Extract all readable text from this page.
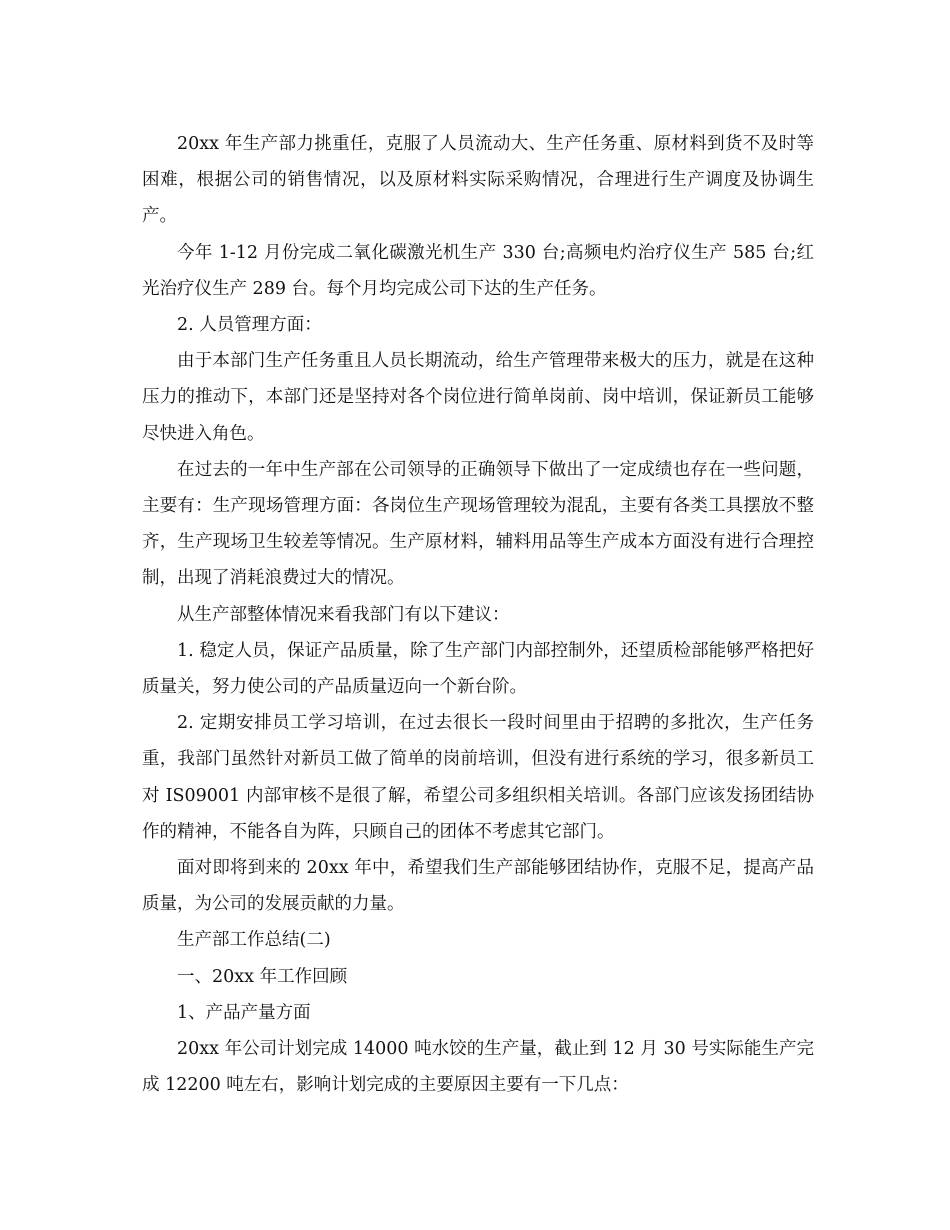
20xx 年生产部力挑重任，克服了人员流动大、生产任务重、原材料到货不及时等困难，根据公司的销售情况，以及原材料实际采购情况，合理进行生产调度及协调生产。

今年 1-12 月份完成二氧化碳激光机生产 330 台;高频电灼治疗仪生产 585 台;红光治疗仪生产 289 台。每个月均完成公司下达的生产任务。

2. 人员管理方面：

由于本部门生产任务重且人员长期流动，给生产管理带来极大的压力，就是在这种压力的推动下，本部门还是坚持对各个岗位进行简单岗前、岗中培训，保证新员工能够尽快进入角色。

在过去的一年中生产部在公司领导的正确领导下做出了一定成绩也存在一些问题，主要有：生产现场管理方面：各岗位生产现场管理较为混乱，主要有各类工具摆放不整齐，生产现场卫生较差等情况。生产原材料，辅料用品等生产成本方面没有进行合理控制，出现了消耗浪费过大的情况。

从生产部整体情况来看我部门有以下建议：

1. 稳定人员，保证产品质量，除了生产部门内部控制外，还望质检部能够严格把好质量关，努力使公司的产品质量迈向一个新台阶。

2. 定期安排员工学习培训，在过去很长一段时间里由于招聘的多批次，生产任务重，我部门虽然针对新员工做了简单的岗前培训，但没有进行系统的学习，很多新员工对 IS09001 内部审核不是很了解，希望公司多组织相关培训。各部门应该发扬团结协作的精神，不能各自为阵，只顾自己的团体不考虑其它部门。

面对即将到来的 20xx 年中，希望我们生产部能够团结协作，克服不足，提高产品质量，为公司的发展贡献的力量。

生产部工作总结(二)

一、20xx 年工作回顾

1、产品产量方面

20xx 年公司计划完成 14000 吨水饺的生产量，截止到 12 月 30 号实际能生产完成 12200 吨左右，影响计划完成的主要原因主要有一下几点：
